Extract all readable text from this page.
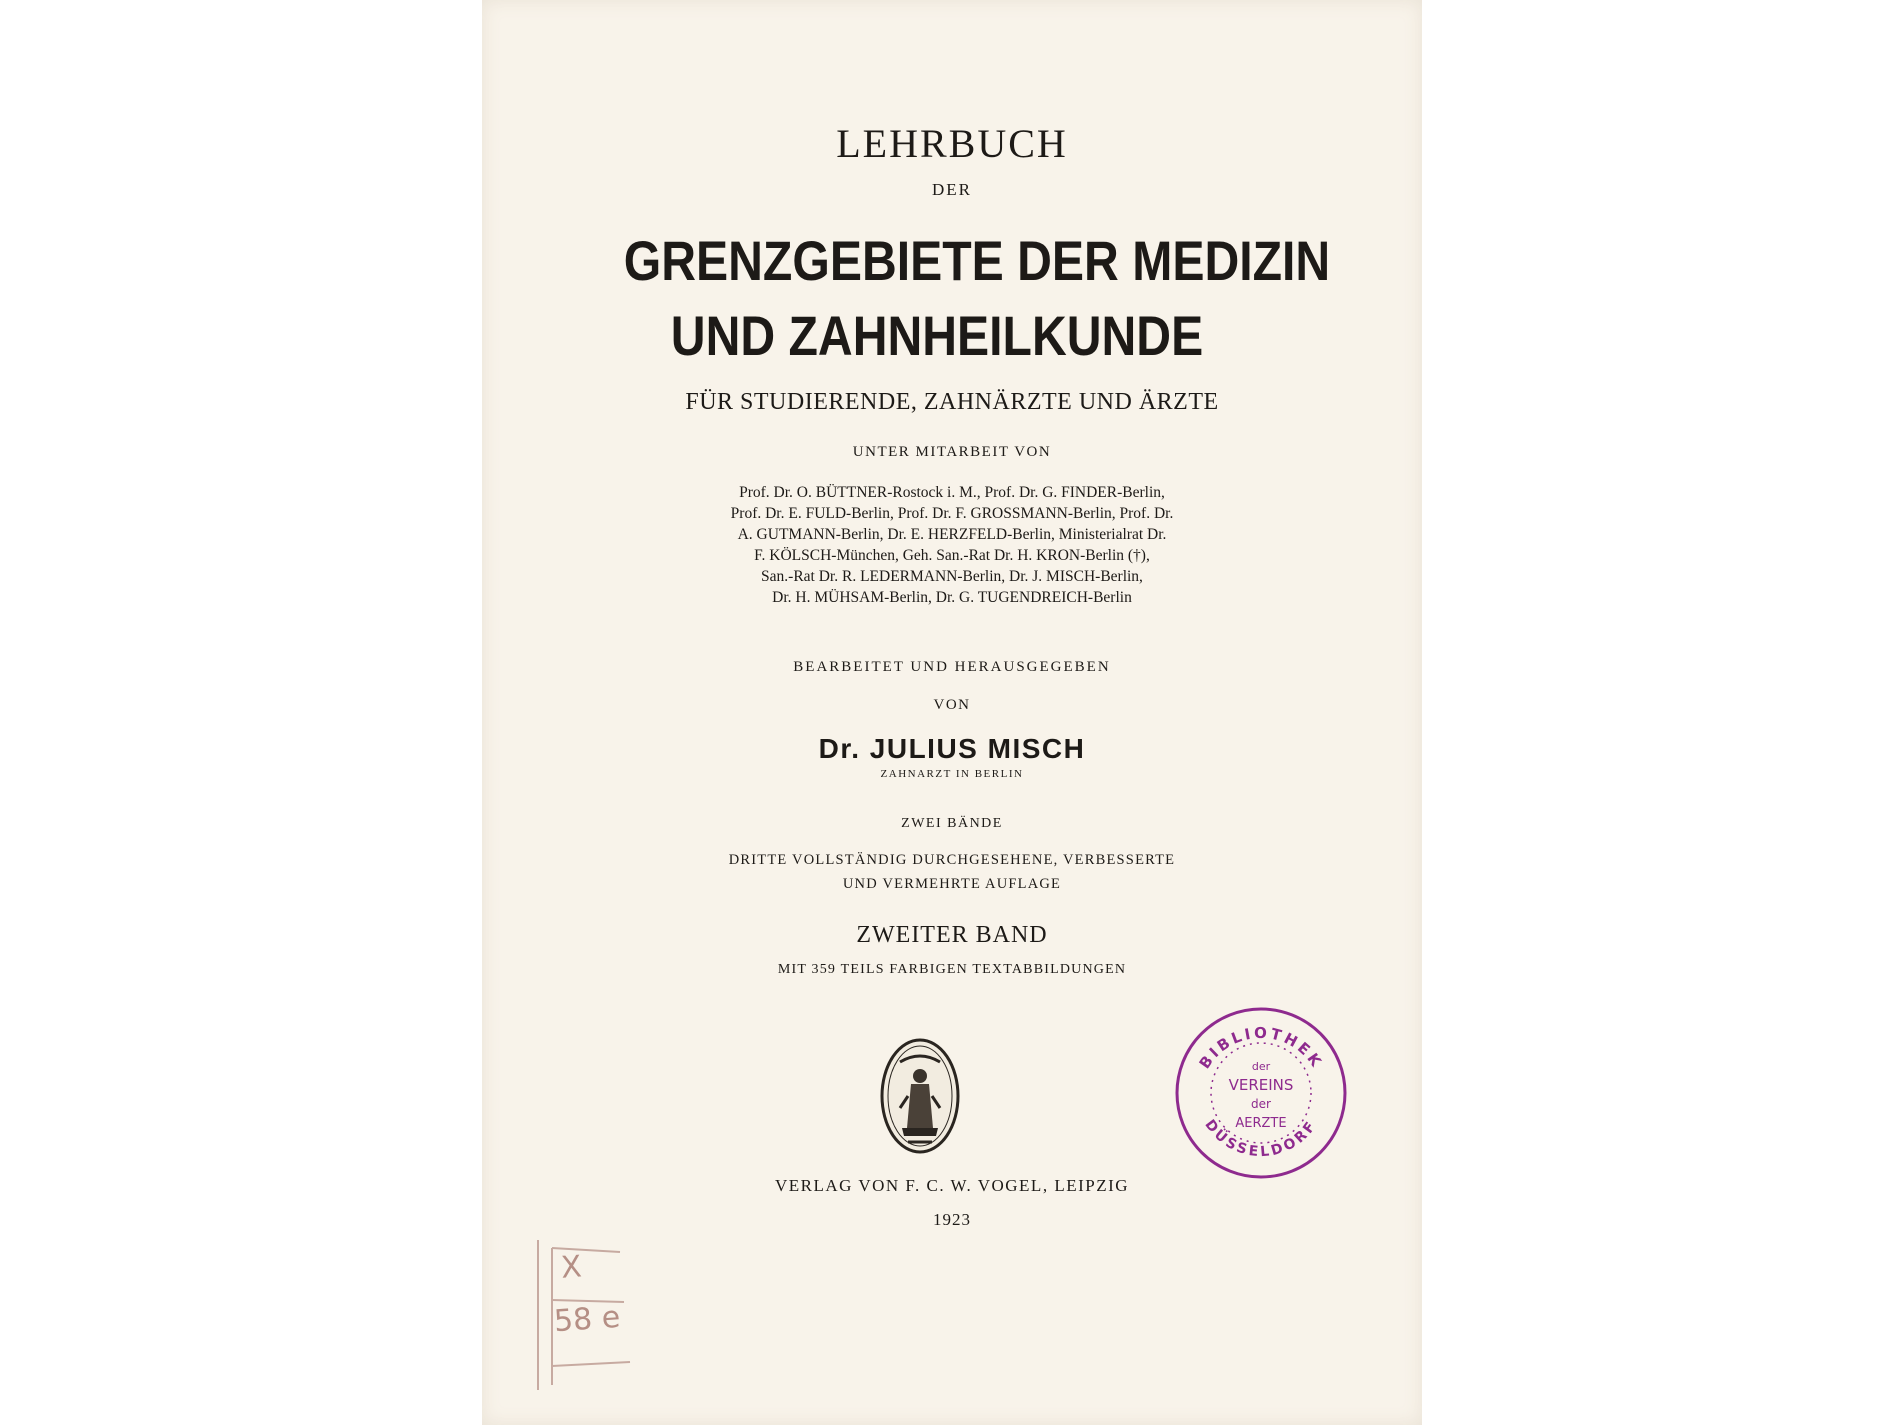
LEHRBUCH
DER
GRENZGEBIETE DER MEDIZIN
UND ZAHNHEILKUNDE
FÜR STUDIERENDE, ZAHNÄRZTE UND ÄRZTE
UNTER MITARBEIT VON
Prof. Dr. O. BÜTTNER-Rostock i. M., Prof. Dr. G. FINDER-Berlin,
Prof. Dr. E. FULD-Berlin, Prof. Dr. F. GROSSMANN-Berlin, Prof. Dr.
A. GUTMANN-Berlin, Dr. E. HERZFELD-Berlin, Ministerialrat Dr.
F. KÖLSCH-München, Geh. San.-Rat Dr. H. KRON-Berlin (†),
San.-Rat Dr. R. LEDERMANN-Berlin, Dr. J. MISCH-Berlin,
Dr. H. MÜHSAM-Berlin, Dr. G. TUGENDREICH-Berlin
BEARBEITET UND HERAUSGEGEBEN
VON
Dr. JULIUS MISCH
ZAHNARZT IN BERLIN
ZWEI BÄNDE
DRITTE VOLLSTÄNDIG DURCHGESEHENE, VERBESSERTE
UND VERMEHRTE AUFLAGE
ZWEITER BAND
MIT 359 TEILS FARBIGEN TEXTABBILDUNGEN
BIBLIOTHEK
DÜSSELDORF
der
VEREINS
der
AERZTE
VERLAG VON F. C. W. VOGEL, LEIPZIG
1923
X
58 e
